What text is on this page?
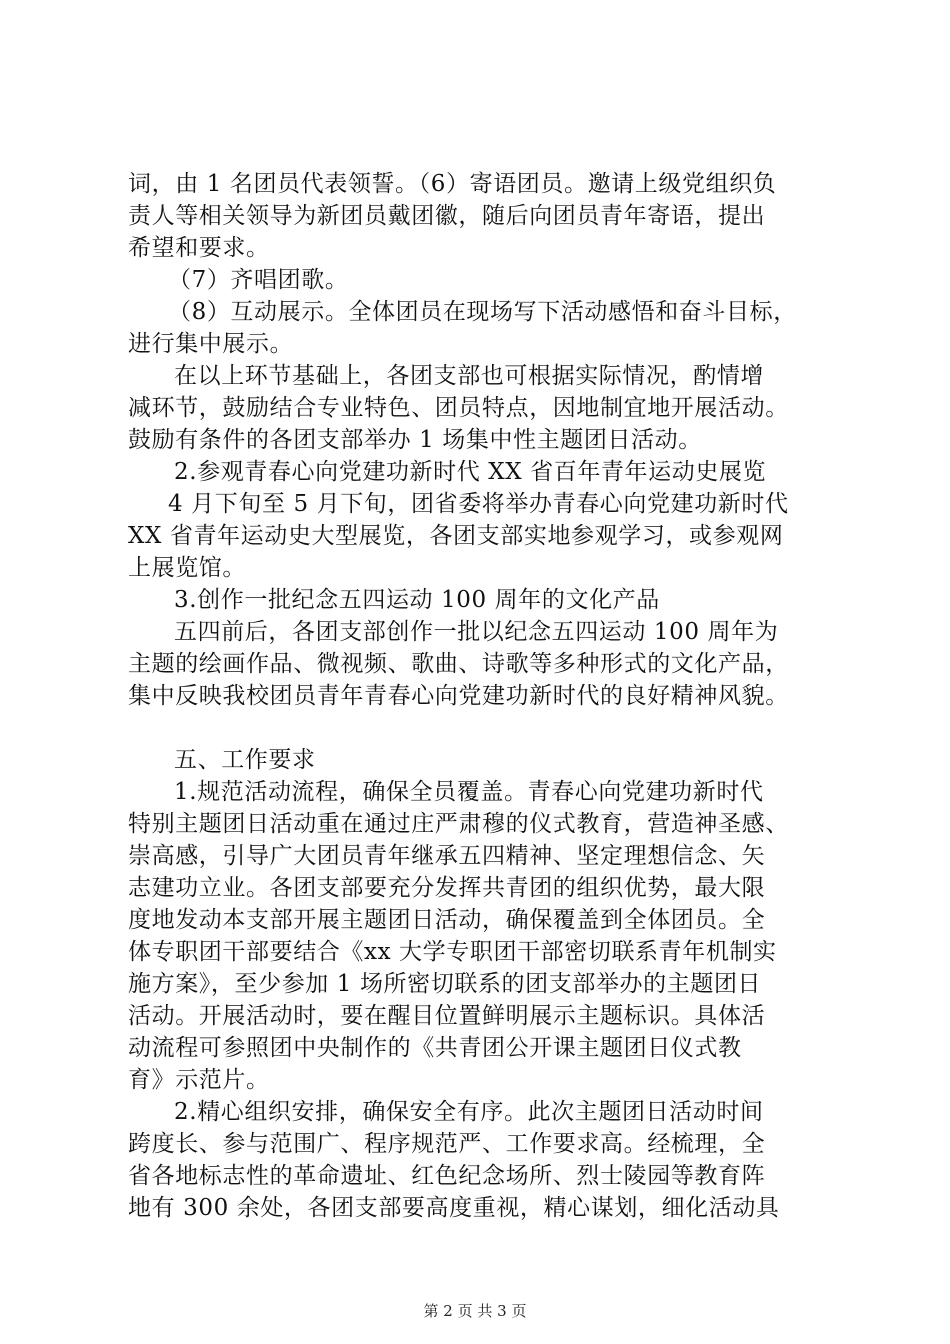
词，由 1 名团员代表领誓。（6）寄语团员。邀请上级党组织负
责人等相关领导为新团员戴团徽，随后向团员青年寄语，提出
希望和要求。
（7）齐唱团歌。
（8）互动展示。全体团员在现场写下活动感悟和奋斗目标，
进行集中展示。
在以上环节基础上，各团支部也可根据实际情况，酌情增
减环节，鼓励结合专业特色、团员特点，因地制宜地开展活动。
鼓励有条件的各团支部举办 1 场集中性主题团日活动。
2.参观青春心向党建功新时代 XX 省百年青年运动史展览
4 月下旬至 5 月下旬，团省委将举办青春心向党建功新时代
XX 省青年运动史大型展览，各团支部实地参观学习，或参观网
上展览馆。
3.创作一批纪念五四运动 100 周年的文化产品
五四前后，各团支部创作一批以纪念五四运动 100 周年为
主题的绘画作品、微视频、歌曲、诗歌等多种形式的文化产品，
集中反映我校团员青年青春心向党建功新时代的良好精神风貌。
五、工作要求
1.规范活动流程，确保全员覆盖。青春心向党建功新时代
特别主题团日活动重在通过庄严肃穆的仪式教育，营造神圣感、
崇高感，引导广大团员青年继承五四精神、坚定理想信念、矢
志建功立业。各团支部要充分发挥共青团的组织优势，最大限
度地发动本支部开展主题团日活动，确保覆盖到全体团员。全
体专职团干部要结合《xx 大学专职团干部密切联系青年机制实
施方案》，至少参加 1 场所密切联系的团支部举办的主题团日
活动。开展活动时，要在醒目位置鲜明展示主题标识。具体活
动流程可参照团中央制作的《共青团公开课主题团日仪式教
育》示范片。
2.精心组织安排，确保安全有序。此次主题团日活动时间
跨度长、参与范围广、程序规范严、工作要求高。经梳理，全
省各地标志性的革命遗址、红色纪念场所、烈士陵园等教育阵
地有 300 余处，各团支部要高度重视，精心谋划，细化活动具
第 2 页 共 3 页
